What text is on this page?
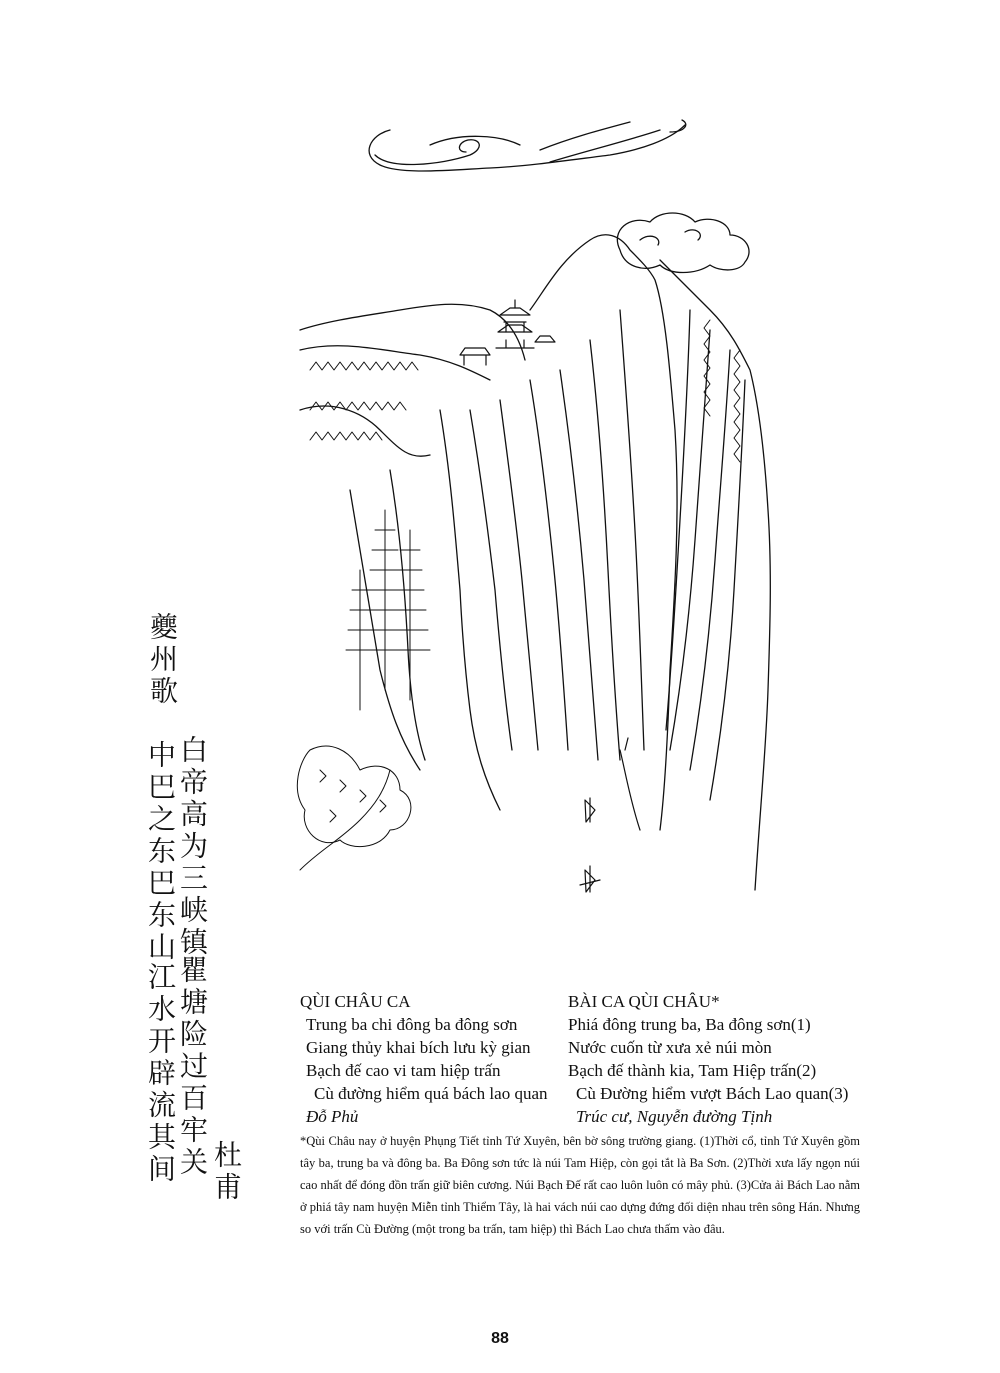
夔州歌
白帝高为三峡镇
中巴之东巴东山
瞿塘险过百牢关
江水开辟流其间 杜甫
QÙI CHÂU CA
Trung ba chi đông ba đông sơn
Giang thủy khai bích lưu kỳ gian
Bạch đế cao vi tam hiệp trấn
Cù đường hiểm quá bách lao quan
Đỗ Phủ
BÀI CA QÙI CHÂU*
Phiá đông trung ba, Ba đông sơn(1)
Nước cuốn từ xưa xẻ núi mòn
Bạch đế thành kia, Tam Hiệp trấn(2)
Cù Đường hiểm vượt Bách Lao quan(3)
Trúc cư, Nguyễn đường Tịnh
*Qùi Châu nay ở huyện Phụng Tiết tỉnh Tứ Xuyên, bên bờ sông trường giang. (1)Thời cổ, tỉnh Tứ Xuyên gồm tây ba, trung ba và đông ba. Ba Đông sơn tức là núi Tam Hiệp, còn gọi tắt là Ba Sơn. (2)Thời xưa lấy ngọn núi cao nhất để đóng đồn trấn giữ biên cương. Núi Bạch Đế rất cao luôn luôn có mây phủ. (3)Cửa ải Bách Lao nằm ở phiá tây nam huyện Miễn tỉnh Thiểm Tây, là hai vách núi cao dựng đứng đối diện nhau trên sông Hán. Nhưng so với trấn Cù Đường (một trong ba trấn, tam hiệp) thì Bách Lao chưa thấm vào đâu.
88
